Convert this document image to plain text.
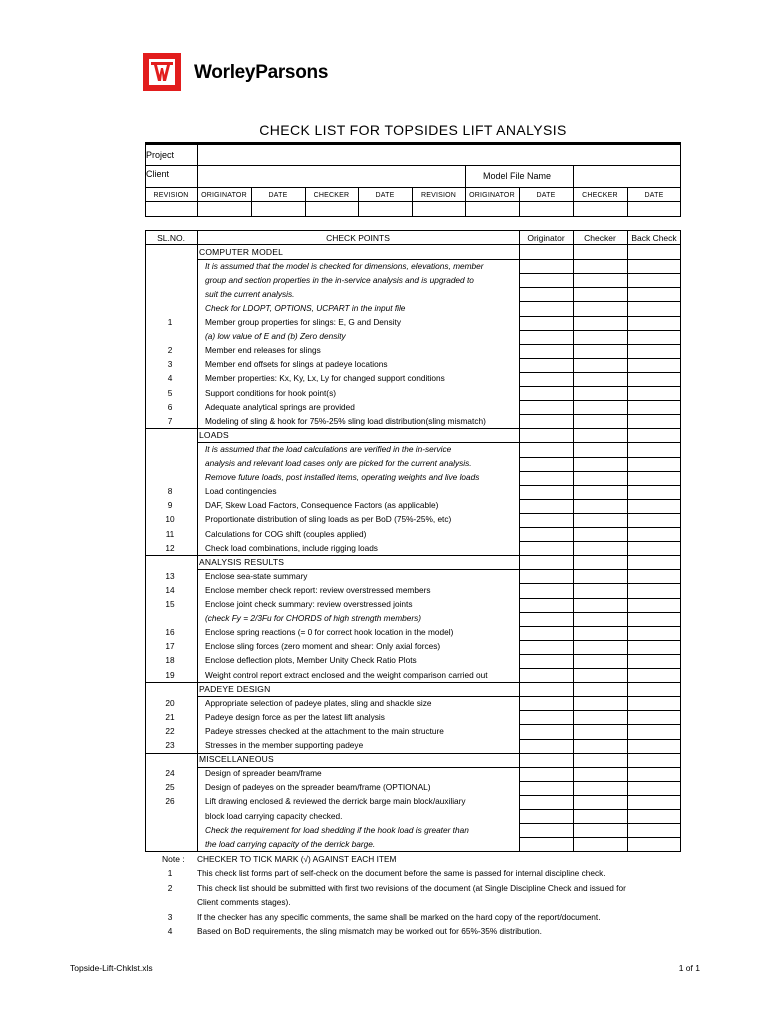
WorleyParsons
CHECK LIST FOR TOPSIDES LIFT ANALYSIS
Project
Client	Model File Name
REVISION	ORIGINATOR	DATE	CHECKER	DATE	REVISION	ORIGINATOR	DATE	CHECKER	DATE
SL.NO.	CHECK POINTS	Originator	Checker	Back Check
COMPUTER MODEL
It is assumed that the model is checked for dimensions, elevations, member
group and section properties in the in-service analysis and is upgraded to
suit the current analysis.
Check for LDOPT, OPTIONS, UCPART in the input file
1	Member group properties for slings: E, G and Density
(a) low value of E and (b) Zero density
2	Member end releases for slings
3	Member end offsets for slings at padeye locations
4	Member properties: Kx, Ky, Lx, Ly for changed support conditions
5	Support conditions for hook point(s)
6	Adequate analytical springs are provided
7	Modeling of sling & hook for 75%-25% sling load distribution(sling mismatch)
LOADS
It is assumed that the load calculations are verified in the in-service
analysis and relevant load cases only are picked for the current analysis.
Remove future loads, post installed items, operating weights and live loads
8	Load contingencies
9	DAF, Skew Load Factors, Consequence Factors (as applicable)
10	Proportionate distribution of sling loads as per BoD (75%-25%, etc)
11	Calculations for COG shift (couples applied)
12	Check load combinations, include rigging loads
ANALYSIS RESULTS
13	Enclose sea-state summary
14	Enclose member check report: review overstressed members
15	Enclose joint check summary: review overstressed joints
(check Fy = 2/3Fu for CHORDS of high strength members)
16	Enclose spring reactions (= 0 for correct hook location in the model)
17	Enclose sling forces (zero moment and shear: Only axial forces)
18	Enclose deflection plots, Member Unity Check Ratio Plots
19	Weight control report extract enclosed and the weight comparison carried out
PADEYE DESIGN
20	Appropriate selection of padeye plates, sling and shackle size
21	Padeye design force as per the latest lift analysis
22	Padeye stresses checked at the attachment to the main structure
23	Stresses in the member supporting padeye
MISCELLANEOUS
24	Design of spreader beam/frame
25	Design of padeyes on the spreader beam/frame (OPTIONAL)
26	Lift drawing enclosed & reviewed the derrick barge main block/auxiliary
block load carrying capacity checked.
Check the requirement for load shedding if the hook load is greater than
the load carrying capacity of the derrick barge.
Note : CHECKER TO TICK MARK (√) AGAINST EACH ITEM
1	This check list forms part of self-check on the document before the same is passed for internal discipline check.
2	This check list should be submitted with first two revisions of the document (at Single Discipline Check and issued for
Client comments stages).
3	If the checker has any specific comments, the same shall be marked on the hard copy of the report/document.
4	Based on BoD requirements, the sling mismatch may be worked out for 65%-35% distribution.
Topside-Lift-Chklst.xls	1 of 1
